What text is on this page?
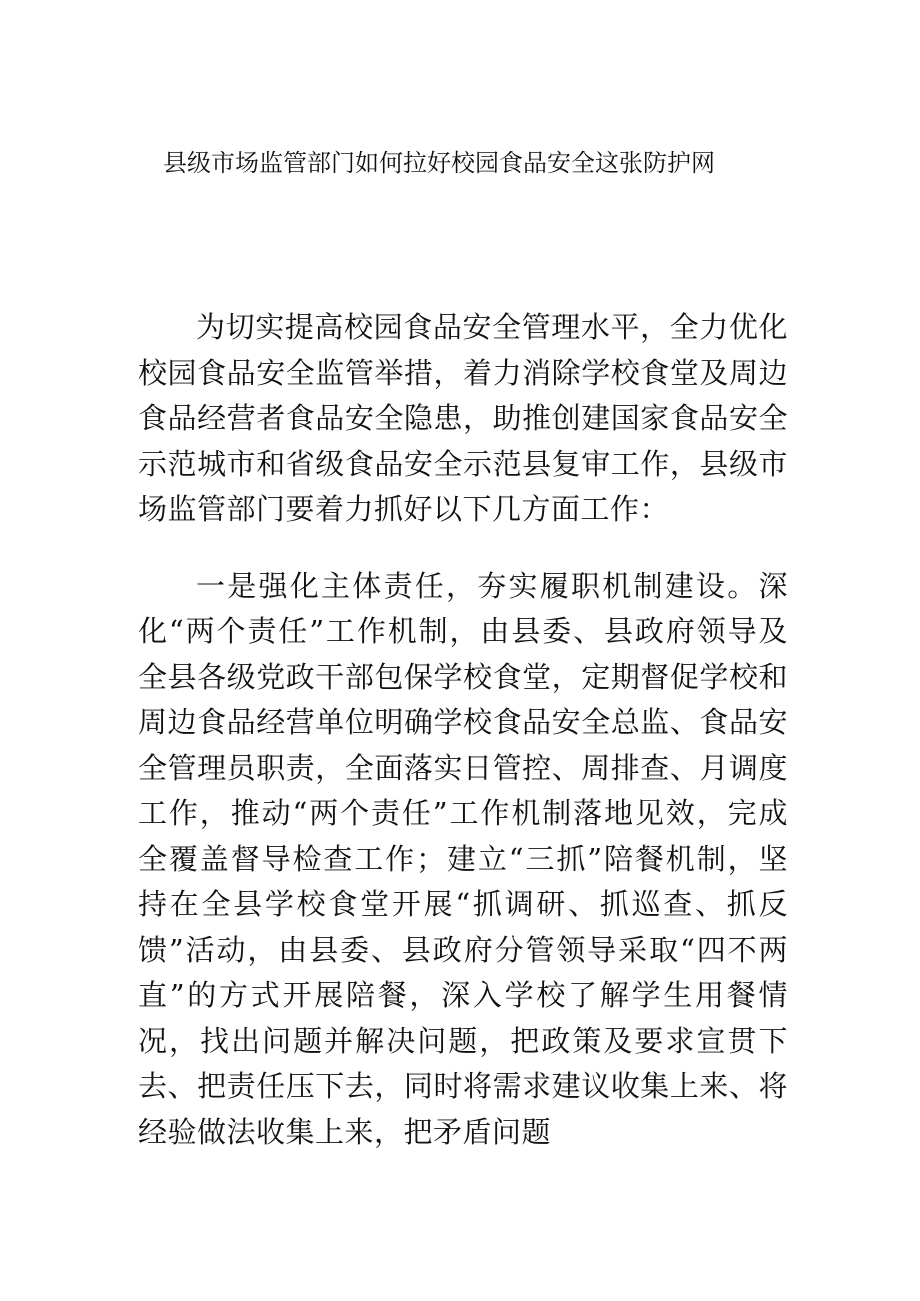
县级市场监管部门如何拉好校园食品安全这张防护网

为切实提高校园食品安全管理水平，全力优化校园食品安全监管举措，着力消除学校食堂及周边食品经营者食品安全隐患，助推创建国家食品安全示范城市和省级食品安全示范县复审工作，县级市场监管部门要着力抓好以下几方面工作：

一是强化主体责任，夯实履职机制建设。深化“两个责任”工作机制，由县委、县政府领导及全县各级党政干部包保学校食堂，定期督促学校和周边食品经营单位明确学校食品安全总监、食品安全管理员职责，全面落实日管控、周排查、月调度工作，推动“两个责任”工作机制落地见效，完成全覆盖督导检查工作；建立“三抓”陪餐机制，坚持在全县学校食堂开展“抓调研、抓巡查、抓反馈”活动，由县委、县政府分管领导采取“四不两直”的方式开展陪餐，深入学校了解学生用餐情况，找出问题并解决问题，把政策及要求宣贯下去、把责任压下去，同时将需求建议收集上来、将经验做法收集上来，把矛盾问题
